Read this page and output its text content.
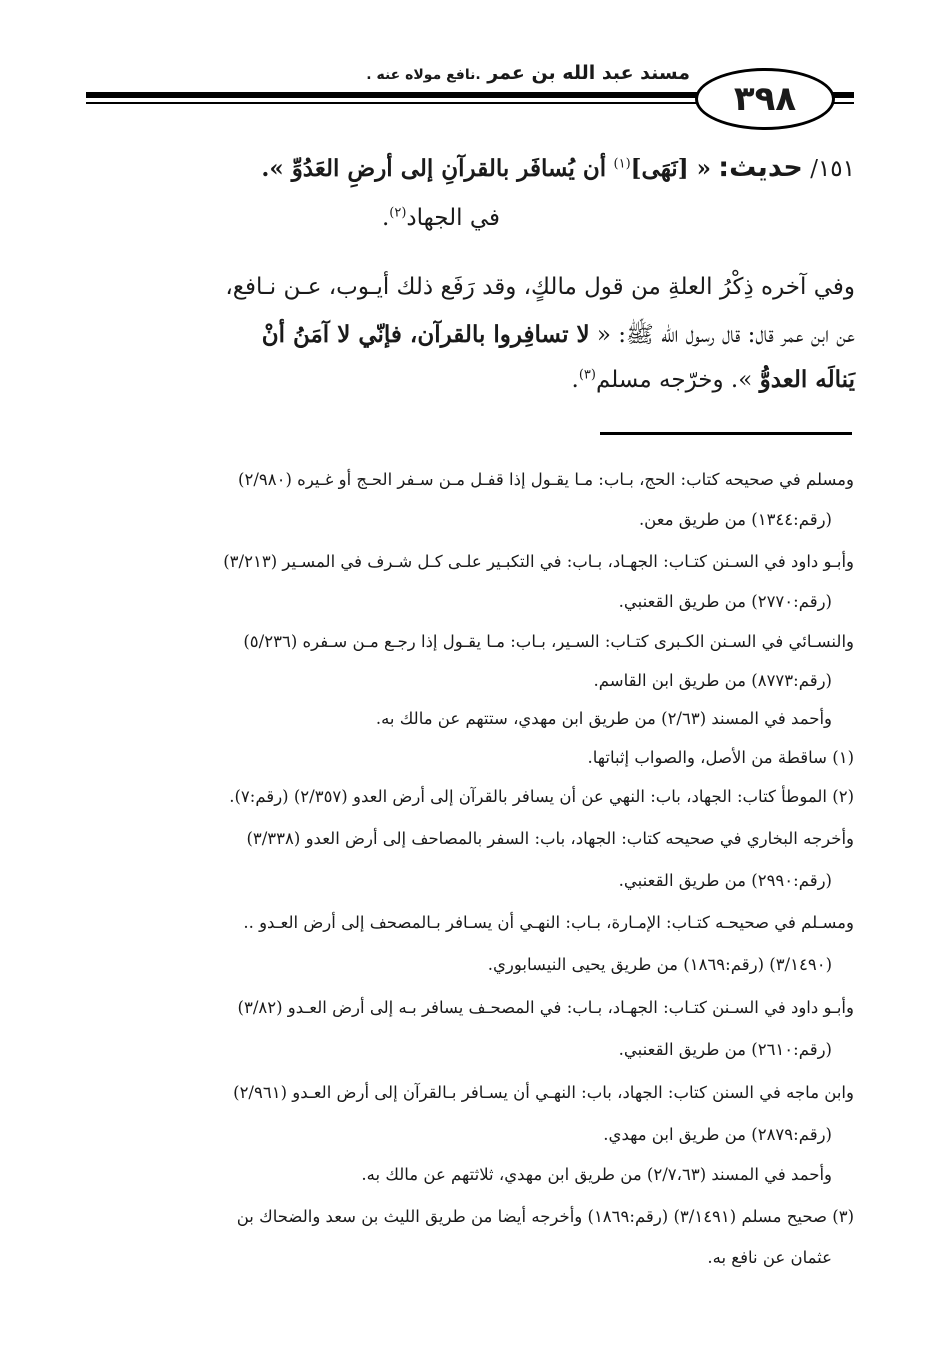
مسند عبد الله بن عمر .نافع مولاه عنه .
٣٩٨
١٥١/ حديث: « [نَهَى]$^{(١)}$ أن يُسافَر بالقرآنِ إلى أرضِ العَدُوِّ ».
في الجهاد$^{(٢)}$.
وفي آخره ذِكْرُ العلةِ من قول مالكٍ، وقد رَفَع ذلك أيـوب، عـن نـافع،
عن ابن عمر قال: قال رسول الله ﷺ: « لا تسافِروا بالقرآن، فإنّي لا آمَنُ أنْ
يَنالَه العدوُّ ». وخرّجه مسلم$^{(٣)}$.
ومسلم في صحيحه كتاب: الحج، بـاب: مـا يقـول إذا قفـل مـن سـفر الحـج أو غـيره (٢/٩٨٠)
(رقم:١٣٤٤) من طريق معن.
وأبـو داود في السـنن كتـاب: الجهـاد، بـاب: في التكبـير علـى كـل شـرف في المسـير (٣/٢١٣)
(رقم:٢٧٧٠) من طريق القعنبي.
والنسـائي في السـنن الكـبرى كتـاب: السـير، بـاب: مـا يقـول إذا رجـع مـن سـفره (٥/٢٣٦)
(رقم:٨٧٧٣) من طريق ابن القاسم.
وأحمد في المسند (٢/٦٣) من طريق ابن مهدي، ستتهم عن مالك به.
(١) ساقطة من الأصل، والصواب إثباتها.
(٢) الموطأ كتاب: الجهاد، باب: النهي عن أن يسافر بالقرآن إلى أرض العدو (٢/٣٥٧) (رقم:٧).
وأخرجه البخاري في صحيحه كتاب: الجهاد، باب: السفر بالمصاحف إلى أرض العدو (٣/٣٣٨)
(رقم:٢٩٩٠) من طريق القعنبي.
ومسـلم في صحيحـه كتـاب: الإمـارة، بـاب: النهـي أن يسـافر بـالمصحف إلى أرض العـدو ..
(٣/١٤٩٠) (رقم:١٨٦٩) من طريق يحيى النيسابوري.
وأبـو داود في السـنن كتـاب: الجهـاد، بـاب: في المصحـف يسافر بـه إلى أرض العـدو (٣/٨٢)
(رقم:٢٦١٠) من طريق القعنبي.
وابن ماجه في السنن كتاب: الجهاد، باب: النهـي أن يسـافر بـالقرآن إلى أرض العـدو (٢/٩٦١)
(رقم:٢٨٧٩) من طريق ابن مهدي.
وأحمد في المسند (٢/٧،٦٣) من طريق ابن مهدي، ثلاثتهم عن مالك به.
(٣) صحيح مسلم (٣/١٤٩١) (رقم:١٨٦٩) وأخرجه أيضا من طريق الليث بن سعد والضحاك بن
عثمان عن نافع به.
